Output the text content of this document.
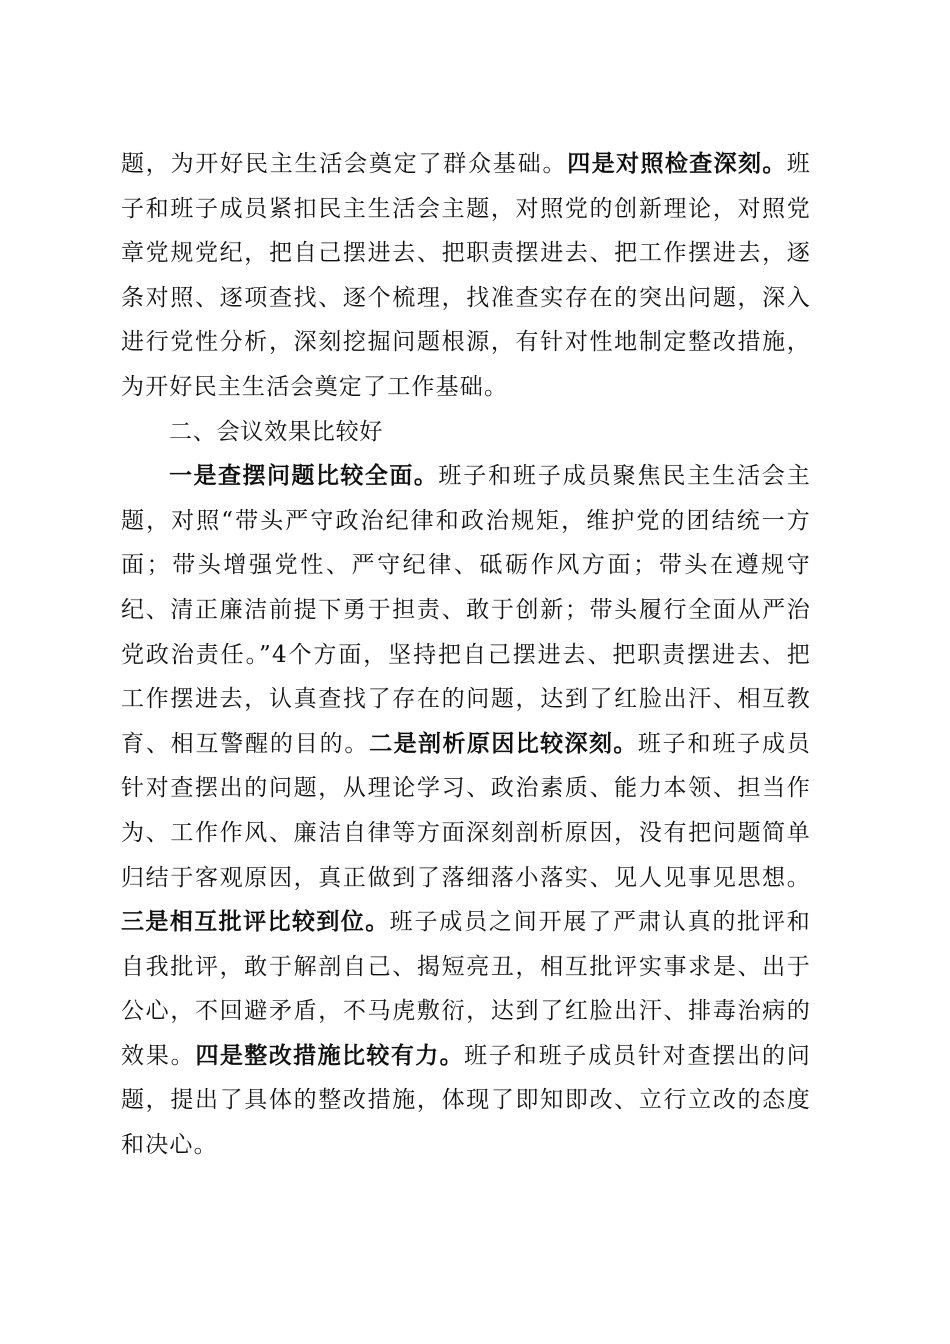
题，为开好民主生活会奠定了群众基础。四是对照检查深刻。班子和班子成员紧扣民主生活会主题，对照党的创新理论，对照党章党规党纪，把自己摆进去、把职责摆进去、把工作摆进去，逐条对照、逐项查找、逐个梳理，找准查实存在的突出问题，深入进行党性分析，深刻挖掘问题根源，有针对性地制定整改措施，为开好民主生活会奠定了工作基础。

二、会议效果比较好

一是查摆问题比较全面。班子和班子成员聚焦民主生活会主题，对照“带头严守政治纪律和政治规矩，维护党的团结统一方面；带头增强党性、严守纪律、砥砺作风方面；带头在遵规守纪、清正廉洁前提下勇于担责、敢于创新；带头履行全面从严治党政治责任。”4个方面，坚持把自己摆进去、把职责摆进去、把工作摆进去，认真查找了存在的问题，达到了红脸出汗、相互教育、相互警醒的目的。二是剖析原因比较深刻。班子和班子成员针对查摆出的问题，从理论学习、政治素质、能力本领、担当作为、工作作风、廉洁自律等方面深刻剖析原因，没有把问题简单归结于客观原因，真正做到了落细落小落实、见人见事见思想。三是相互批评比较到位。班子成员之间开展了严肃认真的批评和自我批评，敢于解剖自己、揭短亮丑，相互批评实事求是、出于公心，不回避矛盾，不马虎敷衍，达到了红脸出汗、排毒治病的效果。四是整改措施比较有力。班子和班子成员针对查摆出的问题，提出了具体的整改措施，体现了即知即改、立行立改的态度和决心。
